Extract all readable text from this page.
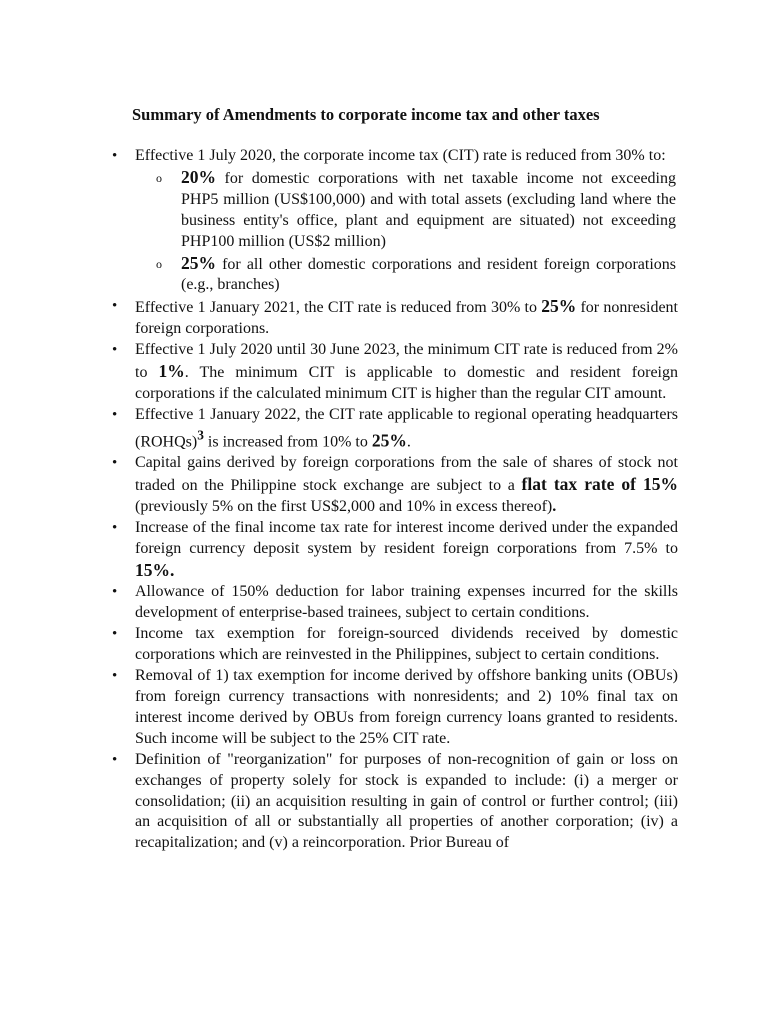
Summary of Amendments to corporate income tax and other taxes
• Effective 1 July 2020, the corporate income tax (CIT) rate is reduced from 30% to:
o 20% for domestic corporations with net taxable income not exceeding PHP5 million (US$100,000) and with total assets (excluding land where the business entity's office, plant and equipment are situated) not exceeding PHP100 million (US$2 million)
o 25% for all other domestic corporations and resident foreign corporations (e.g., branches)
• Effective 1 January 2021, the CIT rate is reduced from 30% to 25% for nonresident foreign corporations.
• Effective 1 July 2020 until 30 June 2023, the minimum CIT rate is reduced from 2% to 1%. The minimum CIT is applicable to domestic and resident foreign corporations if the calculated minimum CIT is higher than the regular CIT amount.
• Effective 1 January 2022, the CIT rate applicable to regional operating headquarters (ROHQs)$^3$ is increased from 10% to 25%.
• Capital gains derived by foreign corporations from the sale of shares of stock not traded on the Philippine stock exchange are subject to a flat tax rate of 15% (previously 5% on the first US$2,000 and 10% in excess thereof).
• Increase of the final income tax rate for interest income derived under the expanded foreign currency deposit system by resident foreign corporations from 7.5% to 15%.
• Allowance of 150% deduction for labor training expenses incurred for the skills development of enterprise-based trainees, subject to certain conditions.
• Income tax exemption for foreign-sourced dividends received by domestic corporations which are reinvested in the Philippines, subject to certain conditions.
• Removal of 1) tax exemption for income derived by offshore banking units (OBUs) from foreign currency transactions with nonresidents; and 2) 10% final tax on interest income derived by OBUs from foreign currency loans granted to residents. Such income will be subject to the 25% CIT rate.
• Definition of "reorganization" for purposes of non-recognition of gain or loss on exchanges of property solely for stock is expanded to include: (i) a merger or consolidation; (ii) an acquisition resulting in gain of control or further control; (iii) an acquisition of all or substantially all properties of another corporation; (iv) a recapitalization; and (v) a reincorporation. Prior Bureau of
